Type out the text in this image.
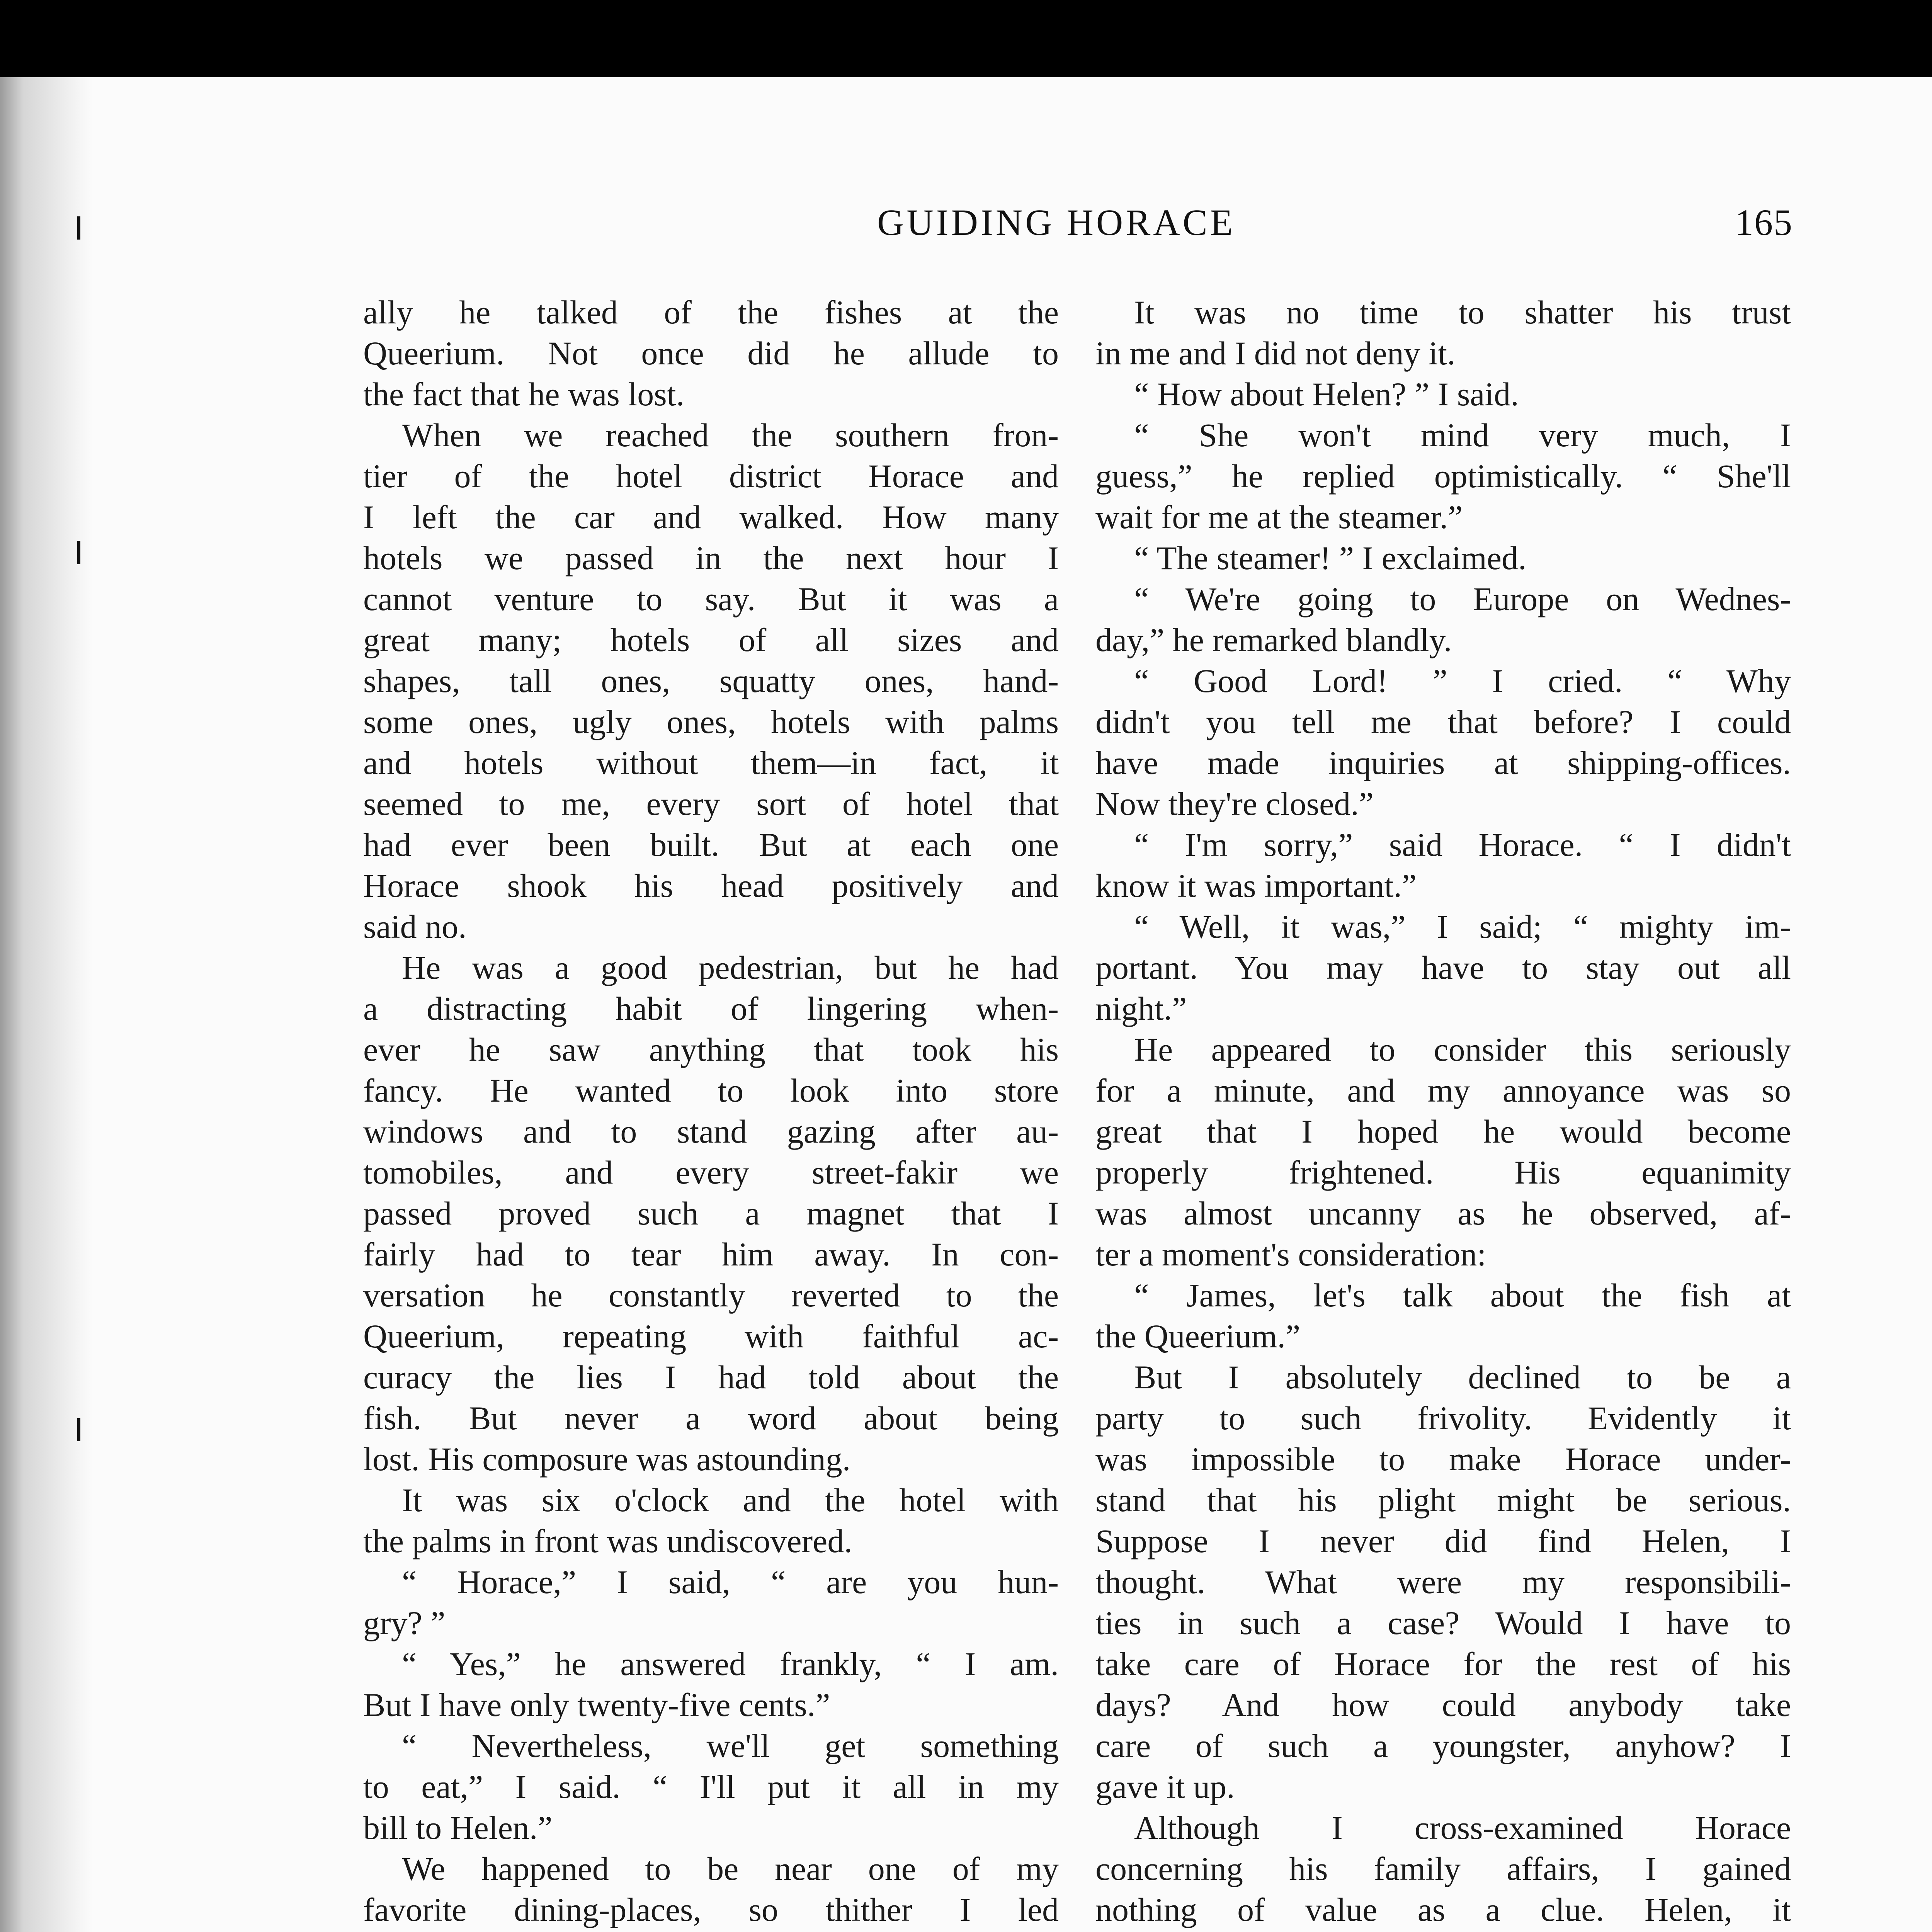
GUIDING HORACE	165
ally he talked of the fishes at the
Queerium. Not once did he allude to
the fact that he was lost.
When we reached the southern fron-
tier of the hotel district Horace and
I left the car and walked. How many
hotels we passed in the next hour I
cannot venture to say. But it was a
great many; hotels of all sizes and
shapes, tall ones, squatty ones, hand-
some ones, ugly ones, hotels with palms
and hotels without them—in fact, it
seemed to me, every sort of hotel that
had ever been built. But at each one
Horace shook his head positively and
said no.
He was a good pedestrian, but he had
a distracting habit of lingering when-
ever he saw anything that took his
fancy. He wanted to look into store
windows and to stand gazing after au-
tomobiles, and every street-fakir we
passed proved such a magnet that I
fairly had to tear him away. In con-
versation he constantly reverted to the
Queerium, repeating with faithful ac-
curacy the lies I had told about the
fish. But never a word about being
lost. His composure was astounding.
It was six o'clock and the hotel with
the palms in front was undiscovered.
“ Horace,” I said, “ are you hun-
gry? ”
“ Yes,” he answered frankly, “ I am.
But I have only twenty-five cents.”
“ Nevertheless, we'll get something
to eat,” I said. “ I'll put it all in my
bill to Helen.”
We happened to be near one of my
favorite dining-places, so thither I led
It was no time to shatter his trust
in me and I did not deny it.
“ How about Helen? ” I said.
“ She won't mind very much, I
guess,” he replied optimistically. “ She'll
wait for me at the steamer.”
“ The steamer! ” I exclaimed.
“ We're going to Europe on Wednes-
day,” he remarked blandly.
“ Good Lord! ” I cried. “ Why
didn't you tell me that before? I could
have made inquiries at shipping-offices.
Now they're closed.”
“ I'm sorry,” said Horace. “ I didn't
know it was important.”
“ Well, it was,” I said; “ mighty im-
portant. You may have to stay out all
night.”
He appeared to consider this seriously
for a minute, and my annoyance was so
great that I hoped he would become
properly frightened. His equanimity
was almost uncanny as he observed, af-
ter a moment's consideration:
“ James, let's talk about the fish at
the Queerium.”
But I absolutely declined to be a
party to such frivolity. Evidently it
was impossible to make Horace under-
stand that his plight might be serious.
Suppose I never did find Helen, I
thought. What were my responsibili-
ties in such a case? Would I have to
take care of Horace for the rest of his
days? And how could anybody take
care of such a youngster, anyhow? I
gave it up.
Although I cross-examined Horace
concerning his family affairs, I gained
nothing of value as a clue. Helen, it
